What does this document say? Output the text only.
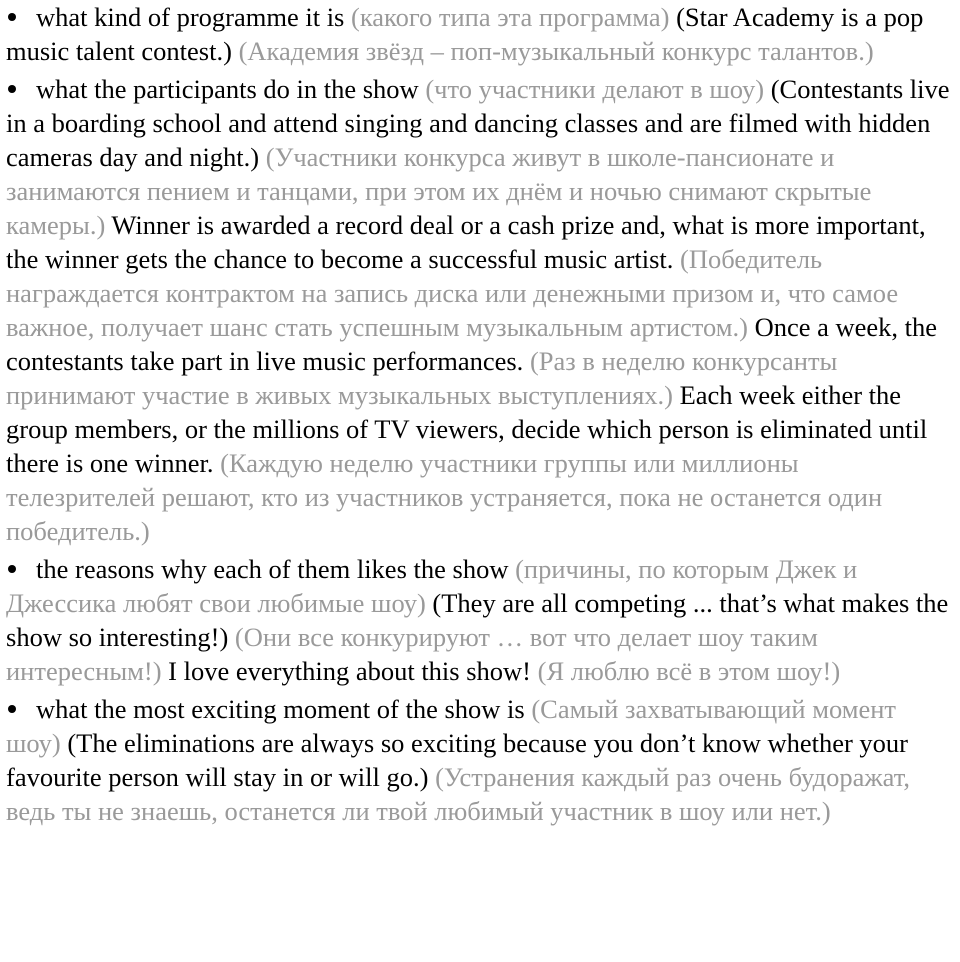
what kind of programme it is (какого типа эта программа) (Star Academy is a pop music talent contest.) (Академия звёзд – поп-музыкальный конкурс талантов.)

what the participants do in the show (что участники делают в шоу) (Contestants live in a boarding school and attend singing and dancing classes and are filmed with hidden cameras day and night.) (Участники конкурса живут в школе-пансионате и занимаются пением и танцами, при этом их днём и ночью снимают скрытые камеры.) Winner is awarded a record deal or a cash prize and, what is more important, the winner gets the chance to become a successful music artist. (Победитель награждается контрактом на запись диска или денежными призом и, что самое важное, получает шанс стать успешным музыкальным артистом.) Once a week, the contestants take part in live music performances. (Раз в неделю конкурсанты принимают участие в живых музыкальных выступлениях.) Each week either the group members, or the millions of TV viewers, decide which person is eliminated until there is one winner. (Каждую неделю участники группы или миллионы телезрителей решают, кто из участников устраняется, пока не останется один победитель.)

the reasons why each of them likes the show (причины, по которым Джек и Джессика любят свои любимые шоу) (They are all competing ... that’s what makes the show so interesting!) (Они все конкурируют … вот что делает шоу таким интересным!) I love everything about this show! (Я люблю всё в этом шоу!)

what the most exciting moment of the show is (Самый захватывающий момент шоу) (The eliminations are always so exciting because you don’t know whether your favourite person will stay in or will go.) (Устранения каждый раз очень будоражат, ведь ты не знаешь, останется ли твой любимый участник в шоу или нет.)
